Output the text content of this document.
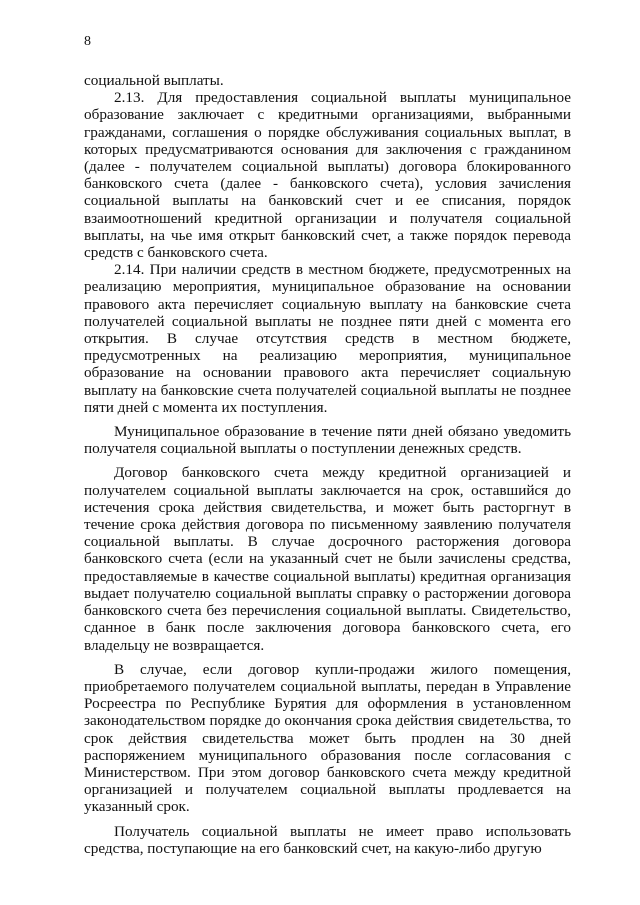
8

социальной выплаты.

2.13. Для предоставления социальной выплаты муниципальное образование заключает с кредитными организациями, выбранными гражданами, соглашения о порядке обслуживания социальных выплат, в которых предусматриваются основания для заключения с гражданином (далее - получателем социальной выплаты) договора блокированного банковского счета (далее - банковского счета), условия зачисления социальной выплаты на банковский счет и ее списания, порядок взаимоотношений кредитной организации и получателя социальной выплаты, на чье имя открыт банковский счет, а также порядок перевода средств с банковского счета.

2.14. При наличии средств в местном бюджете, предусмотренных на реализацию мероприятия, муниципальное образование на основании правового акта перечисляет социальную выплату на банковские счета получателей социальной выплаты не позднее пяти дней с момента его открытия. В случае отсутствия средств в местном бюджете, предусмотренных на реализацию мероприятия, муниципальное образование на основании правового акта перечисляет социальную выплату на банковские счета получателей социальной выплаты не позднее пяти дней с момента их поступления.

Муниципальное образование в течение пяти дней обязано уведомить получателя социальной выплаты о поступлении денежных средств.

Договор банковского счета между кредитной организацией и получателем социальной выплаты заключается на срок, оставшийся до истечения срока действия свидетельства, и может быть расторгнут в течение срока действия договора по письменному заявлению получателя социальной выплаты. В случае досрочного расторжения договора банковского счета (если на указанный счет не были зачислены средства, предоставляемые в качестве социальной выплаты) кредитная организация выдает получателю социальной выплаты справку о расторжении договора банковского счета без перечисления социальной выплаты. Свидетельство, сданное в банк после заключения договора банковского счета, его владельцу не возвращается.

В случае, если договор купли-продажи жилого помещения, приобретаемого получателем социальной выплаты, передан в Управление Росреестра по Республике Бурятия для оформления в установленном законодательством порядке до окончания срока действия свидетельства, то срок действия свидетельства может быть продлен на 30 дней распоряжением муниципального образования после согласования с Министерством. При этом договор банковского счета между кредитной организацией и получателем социальной выплаты продлевается на указанный срок.

Получатель социальной выплаты не имеет право использовать средства, поступающие на его банковский счет, на какую-либо другую
